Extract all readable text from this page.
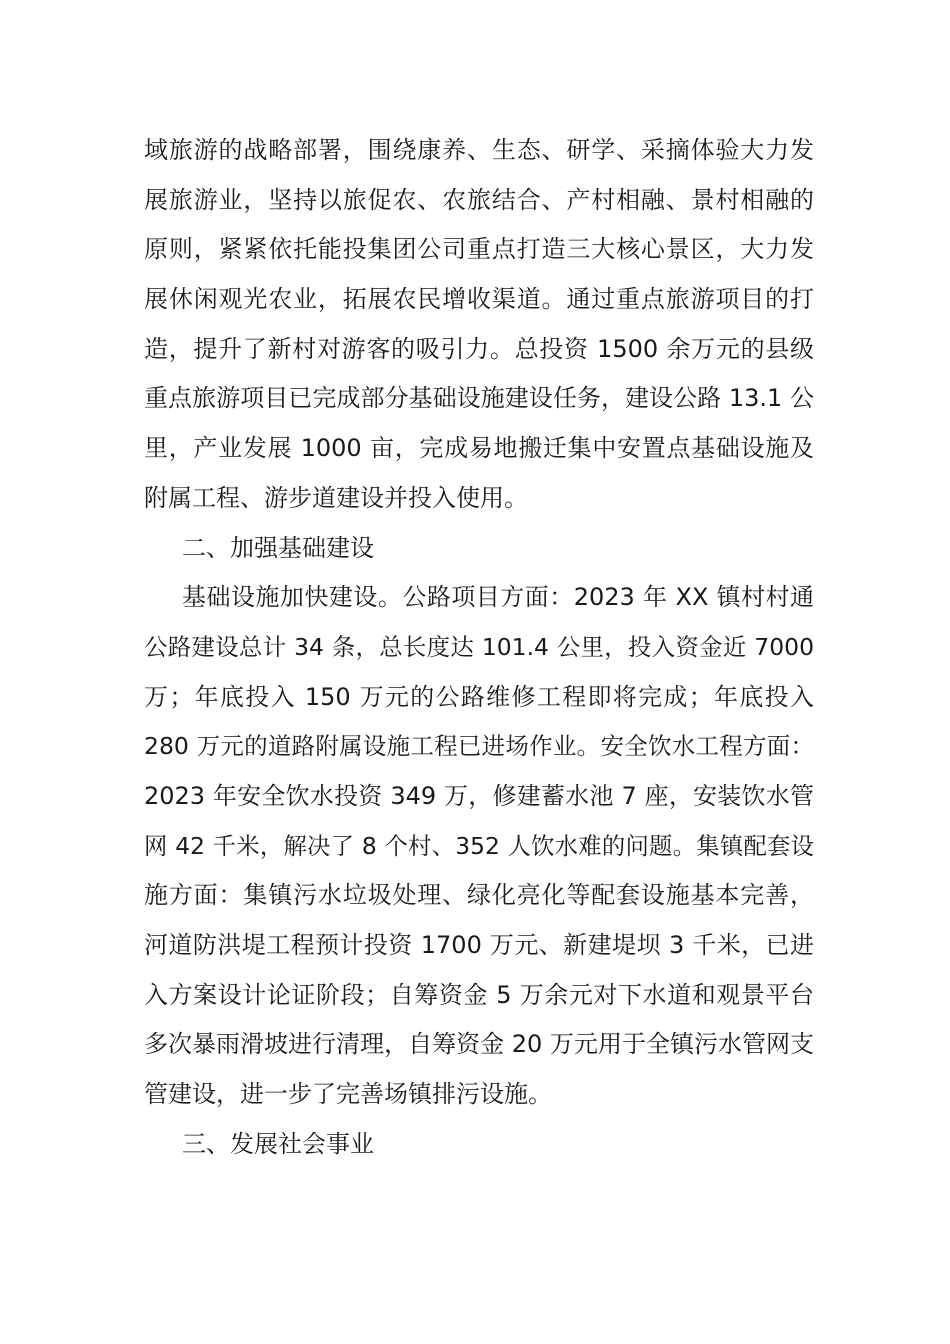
域旅游的战略部署，围绕康养、生态、研学、采摘体验大力发
展旅游业，坚持以旅促农、农旅结合、产村相融、景村相融的
原则，紧紧依托能投集团公司重点打造三大核心景区，大力发
展休闲观光农业，拓展农民增收渠道。通过重点旅游项目的打
造，提升了新村对游客的吸引力。总投资 1500 余万元的县级
重点旅游项目已完成部分基础设施建设任务，建设公路 13.1 公
里，产业发展 1000 亩，完成易地搬迁集中安置点基础设施及
附属工程、游步道建设并投入使用。
二、加强基础建设
基础设施加快建设。公路项目方面：2023 年 XX 镇村村通
公路建设总计 34 条，总长度达 101.4 公里，投入资金近 7000
万；年底投入 150 万元的公路维修工程即将完成；年底投入
280 万元的道路附属设施工程已进场作业。安全饮水工程方面：
2023 年安全饮水投资 349 万，修建蓄水池 7 座，安装饮水管
网 42 千米，解决了 8 个村、352 人饮水难的问题。集镇配套设
施方面：集镇污水垃圾处理、绿化亮化等配套设施基本完善，
河道防洪堤工程预计投资 1700 万元、新建堤坝 3 千米，已进
入方案设计论证阶段；自筹资金 5 万余元对下水道和观景平台
多次暴雨滑坡进行清理，自筹资金 20 万元用于全镇污水管网支
管建设，进一步了完善场镇排污设施。
三、发展社会事业
